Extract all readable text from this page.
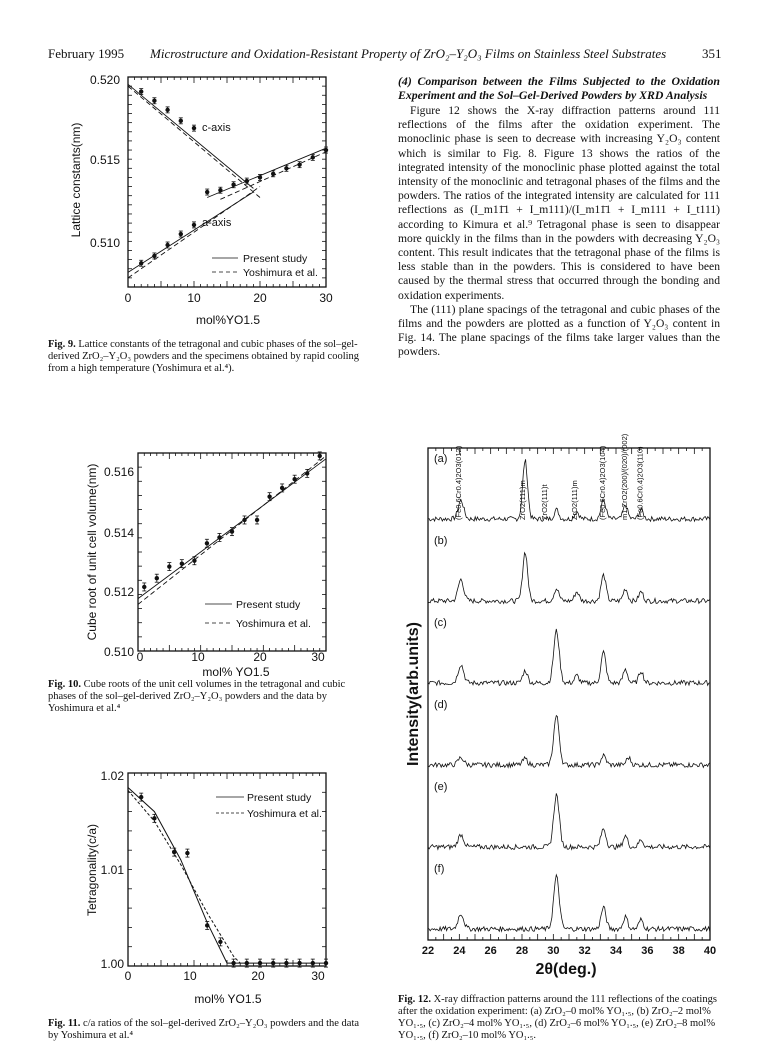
February 1995 Microstructure and Oxidation-Resistant Property of ZrO₂–Y₂O₃ Films on Stainless Steel Substrates	351

(4) Comparison between the Films Subjected to the Oxidation Experiment and the Sol–Gel-Derived Powders by XRD Analysis

Figure 12 shows the X-ray diffraction patterns around 111 reflections of the films after the oxidation experiment. The monoclinic phase is seen to decrease with increasing Y₂O₃ content which is similar to Fig. 8. Figure 13 shows the ratios of the integrated intensity of the monoclinic phase plotted against the total intensity of the monoclinic and tetragonal phases of the films and the powders. The ratios of the integrated intensity are calculated for 111 reflections as (I_m11̄1 + I_m111)/(I_m11̄1 + I_m111 + I_t111) according to Kimura et al.⁹ Tetragonal phase is seen to disappear more quickly in the films than in the powders with decreasing Y₂O₃ content. This result indicates that the tetragonal phase of the films is less stable than in the powders. This is considered to have been caused by the thermal stress that occurred through the bonding and oxidation experiments.

The (111) plane spacings of the tetragonal and cubic phases of the films and the powders are plotted as a function of Y₂O₃ content in Fig. 14. The plane spacings of the films take larger values than the powders.

0.520
0.515
0.510
0	10	20	30
mol%YO1.5
Lattice constants(nm)	c-axis
a-axis
Present study
Yoshimura et al.
0.516
0.514
0.512
0.510 0	10	20	30
mol% YO1.5
Cube root of unit cell volume(nm)	Present study
Yoshimura et al.
1.02
1.01
1.00
0	10	20	30
mol% YO1.5
Tetragonality(c/a)
Present study
Yoshimura et al.
22 24 26 28 30 32 34 36 38 40
2θ(deg.)
Intensity(arb.units)
(a)
(b)
(c)
(d)
(e)
(f)
(Fe0.6Cr0.4)2O3(012)	ZrO2(111)m ZrO2(111)t	ZrO2(111)m	(Fe0.6Cr0.4)2O3(104) m1 ZrO2(200)/(020)/(002) (Fe0.6Cr0.4)2O3(110)
Fig. 9. Lattice constants of the tetragonal and cubic phases of the sol–gel-derived ZrO₂–Y₂O₃ powders and the specimens obtained by rapid cooling from a high temperature (Yoshimura et al.⁴).
Fig. 10. Cube roots of the unit cell volumes in the tetragonal and cubic phases of the sol–gel-derived ZrO₂–Y₂O₃ powders and the data by Yoshimura et al.⁴
Fig. 11. c/a ratios of the sol–gel-derived ZrO₂–Y₂O₃ powders and the data by Yoshimura et al.⁴
Fig. 12. X-ray diffraction patterns around the 111 reflections of the coatings after the oxidation experiment: (a) ZrO₂–0 mol% YO₁.₅, (b) ZrO₂–2 mol% YO₁.₅, (c) ZrO₂–4 mol% YO₁.₅, (d) ZrO₂–6 mol% YO₁.₅, (e) ZrO₂–8 mol% YO₁.₅, (f) ZrO₂–10 mol% YO₁.₅.
